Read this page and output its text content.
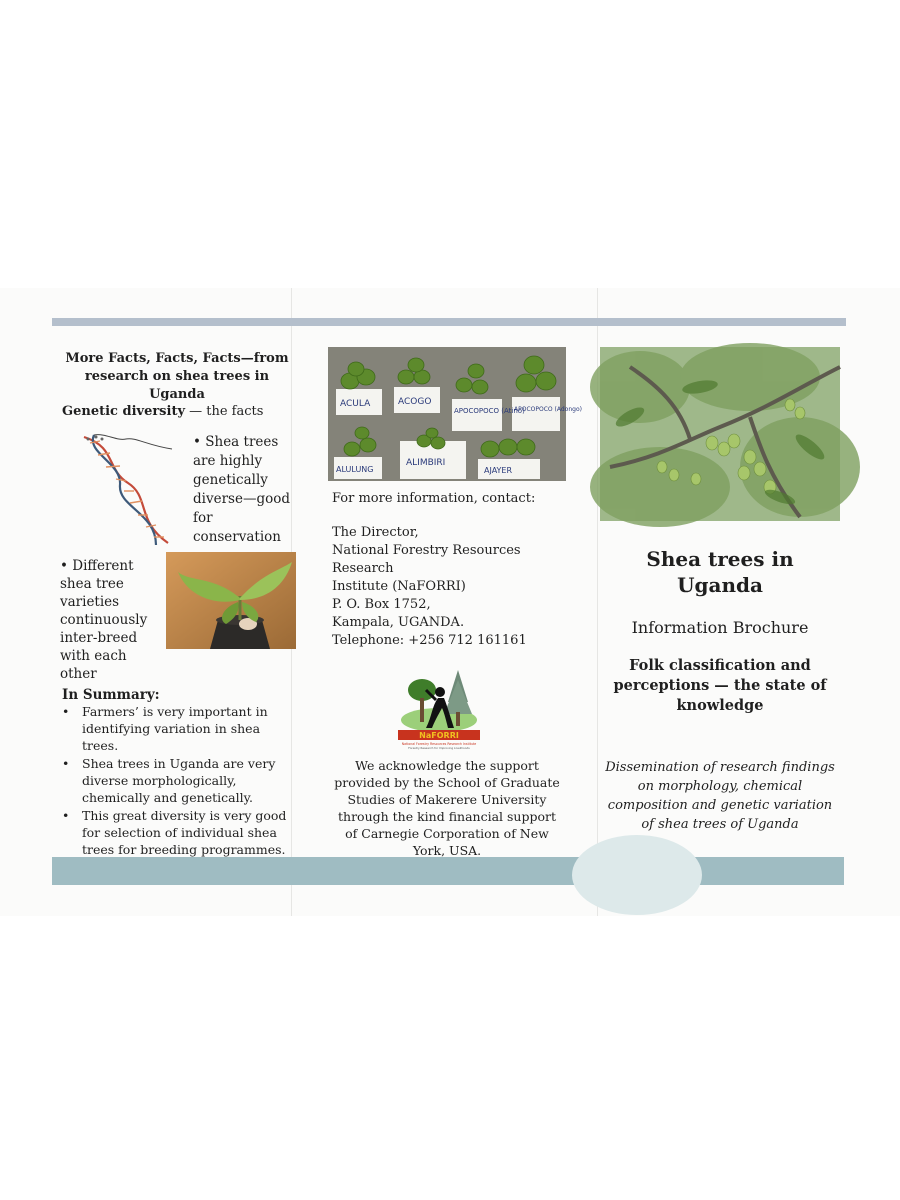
More Facts, Facts, Facts—from research on shea trees in Uganda
Genetic diversity — the facts
• Shea trees are highly genetically diverse—good for conservation
• Different shea tree varieties continuously inter-breed with each other
In Summary:
• Farmers’ is very important in identifying variation in shea trees.
• Shea trees in Uganda are very diverse morphologically, chemically and genetically.
• This great diversity is very good for selection of individual shea trees for breeding programmes.
ACULA	ACOGO
APOCOPOCO (Atino)
APOCOPOCO (Adongo)
ALULUNG
ALIMBIRI
AJAYER
For more information, contact:
The Director,
National Forestry Resources Research
Institute (NaFORRI)
P. O. Box 1752,
Kampala, UGANDA.
Telephone: +256 712 161161
NaFORRI
National Forestry Resources Research Institute
Forestry Research for Improving Livelihoods
We acknowledge the support provided by the School of Graduate Studies of Makerere University through the kind financial support of Carnegie Corporation of New York, USA.
Shea trees in Uganda
Information Brochure
Folk classification and perceptions — the state of knowledge
Dissemination of research findings on morphology, chemical composition and genetic variation of shea trees of Uganda
